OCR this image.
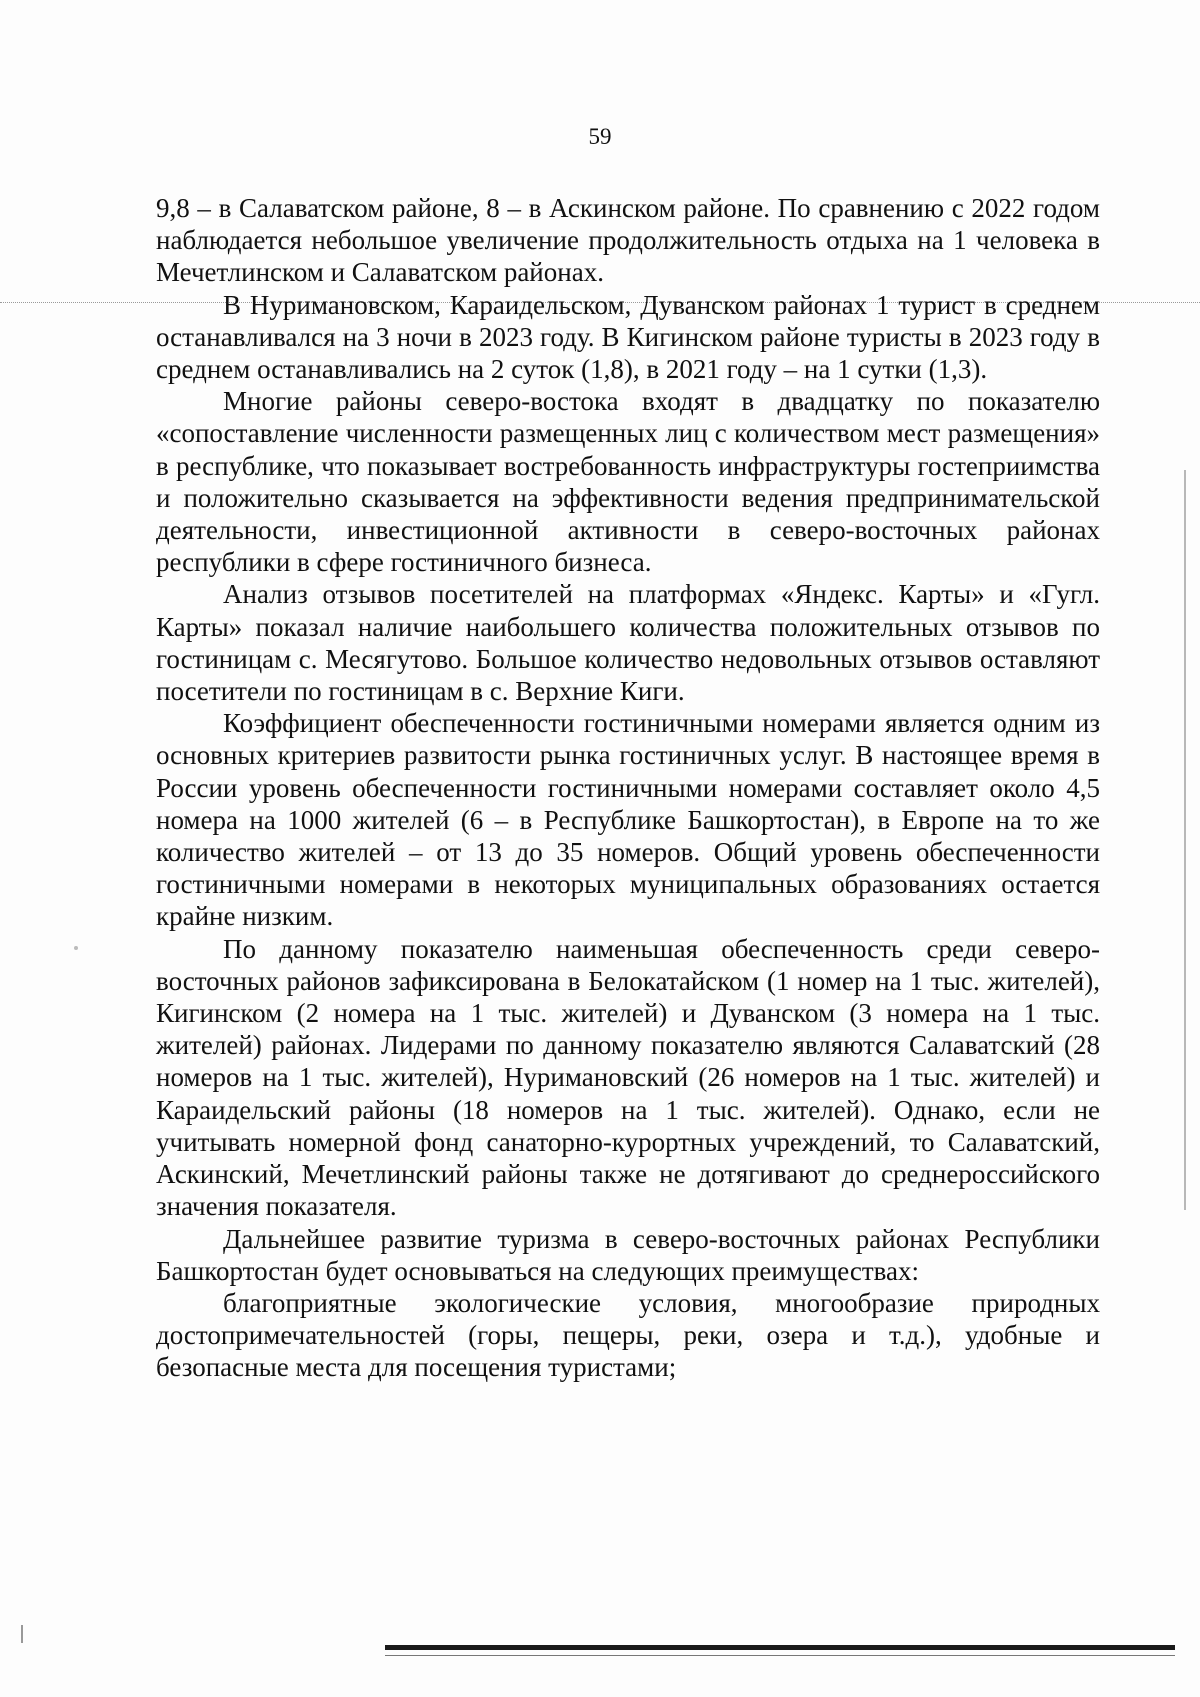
59

9,8 – в Салаватском районе, 8 – в Аскинском районе. По сравнению с 2022 годом наблюдается небольшое увеличение продолжительность отдыха на 1 человека в Мечетлинском и Салаватском районах.

В Нуримановском, Караидельском, Дуванском районах 1 турист в среднем останавливался на 3 ночи в 2023 году. В Кигинском районе туристы в 2023 году в среднем останавливались на 2 суток (1,8), в 2021 году – на 1 сутки (1,3).

Многие районы северо-востока входят в двадцатку по показателю «сопоставление численности размещенных лиц с количеством мест размещения» в республике, что показывает востребованность инфраструктуры гостеприимства и положительно сказывается на эффективности ведения предпринимательской деятельности, инвестиционной активности в северо-восточных районах республики в сфере гостиничного бизнеса.

Анализ отзывов посетителей на платформах «Яндекс. Карты» и «Гугл. Карты» показал наличие наибольшего количества положительных отзывов по гостиницам с. Месягутово. Большое количество недовольных отзывов оставляют посетители по гостиницам в с. Верхние Киги.

Коэффициент обеспеченности гостиничными номерами является одним из основных критериев развитости рынка гостиничных услуг. В настоящее время в России уровень обеспеченности гостиничными номерами составляет около 4,5 номера на 1000 жителей (6 – в Республике Башкортостан), в Европе на то же количество жителей – от 13 до 35 номеров. Общий уровень обеспеченности гостиничными номерами в некоторых муниципальных образованиях остается крайне низким.

По данному показателю наименьшая обеспеченность среди северо-восточных районов зафиксирована в Белокатайском (1 номер на 1 тыс. жителей), Кигинском (2 номера на 1 тыс. жителей) и Дуванском (3 номера на 1 тыс. жителей) районах. Лидерами по данному показателю являются Салаватский (28 номеров на 1 тыс. жителей), Нуримановский (26 номеров на 1 тыс. жителей) и Караидельский районы (18 номеров на 1 тыс. жителей). Однако, если не учитывать номерной фонд санаторно-курортных учреждений, то Салаватский, Аскинский, Мечетлинский районы также не дотягивают до среднероссийского значения показателя.

Дальнейшее развитие туризма в северо-восточных районах Республики Башкортостан будет основываться на следующих преимуществах:

благоприятные экологические условия, многообразие природных достопримечательностей (горы, пещеры, реки, озера и т.д.), удобные и безопасные места для посещения туристами;
